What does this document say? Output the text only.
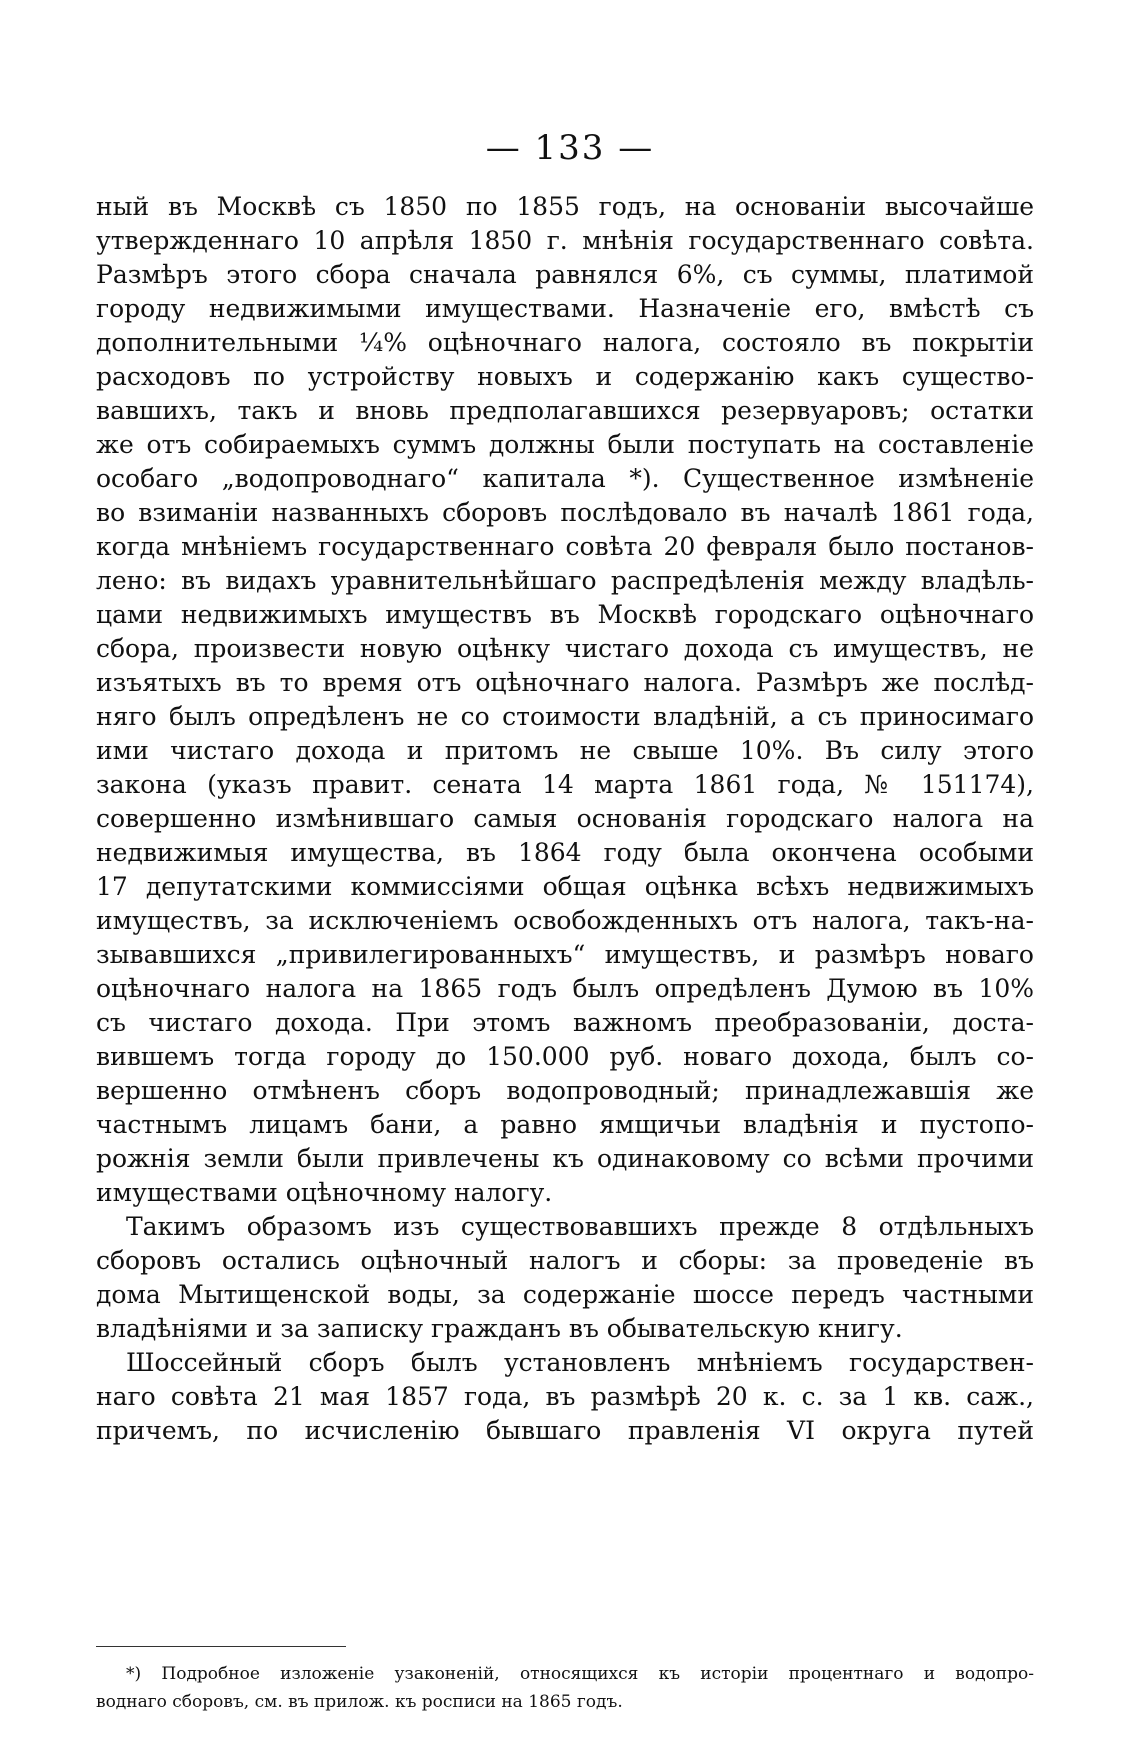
— 133 —
ный въ Москвѣ съ 1850 по 1855 годъ, на основаніи высочайше
утвержденнаго 10 апрѣля 1850 г. мнѣнія государственнаго совѣта.
Размѣръ этого сбора сначала равнялся 6%, съ суммы, платимой
городу недвижимыми имуществами. Назначеніе его, вмѣстѣ съ
дополнительными ¼% оцѣночнаго налога, состояло въ покрытіи
расходовъ по устройству новыхъ и содержанію какъ существо-
вавшихъ, такъ и вновь предполагавшихся резервуаровъ; остатки
же отъ собираемыхъ суммъ должны были поступать на составленіе
особаго „водопроводнаго“ капитала *). Существенное измѣненіе
во взиманіи названныхъ сборовъ послѣдовало въ началѣ 1861 года,
когда мнѣніемъ государственнаго совѣта 20 февраля было постанов-
лено: въ видахъ уравнительнѣйшаго распредѣленія между владѣль-
цами недвижимыхъ имуществъ въ Москвѣ городскаго оцѣночнаго
сбора, произвести новую оцѣнку чистаго дохода съ имуществъ, не
изъятыхъ въ то время отъ оцѣночнаго налога. Размѣръ же послѣд-
няго былъ опредѣленъ не со стоимости владѣній, а съ приносимаго
ими чистаго дохода и притомъ не свыше 10%. Въ силу этого
закона (указъ правит. сената 14 марта 1861 года, № 151174),
совершенно измѣнившаго самыя основанія городскаго налога на
недвижимыя имущества, въ 1864 году была окончена особыми
17 депутатскими коммиссіями общая оцѣнка всѣхъ недвижимыхъ
имуществъ, за исключеніемъ освобожденныхъ отъ налога, такъ-на-
зывавшихся „привилегированныхъ“ имуществъ, и размѣръ новаго
оцѣночнаго налога на 1865 годъ былъ опредѣленъ Думою въ 10%
съ чистаго дохода. При этомъ важномъ преобразованіи, доста-
вившемъ тогда городу до 150.000 руб. новаго дохода, былъ со-
вершенно отмѣненъ сборъ водопроводный; принадлежавшія же
частнымъ лицамъ бани, а равно ямщичьи владѣнія и пустопо-
рожнія земли были привлечены къ одинаковому со всѣми прочими
имуществами оцѣночному налогу.
Такимъ образомъ изъ существовавшихъ прежде 8 отдѣльныхъ
сборовъ остались оцѣночный налогъ и сборы: за проведеніе въ
дома Мытищенской воды, за содержаніе шоссе передъ частными
владѣніями и за записку гражданъ въ обывательскую книгу.
Шоссейный сборъ былъ установленъ мнѣніемъ государствен-
наго совѣта 21 мая 1857 года, въ размѣрѣ 20 к. с. за 1 кв. саж.,
причемъ, по исчисленію бывшаго правленія VI округа путей
*) Подробное изложеніе узаконеній, относящихся къ исторіи процентнаго и водопро-
воднаго сборовъ, см. въ прилож. къ росписи на 1865 годъ.
